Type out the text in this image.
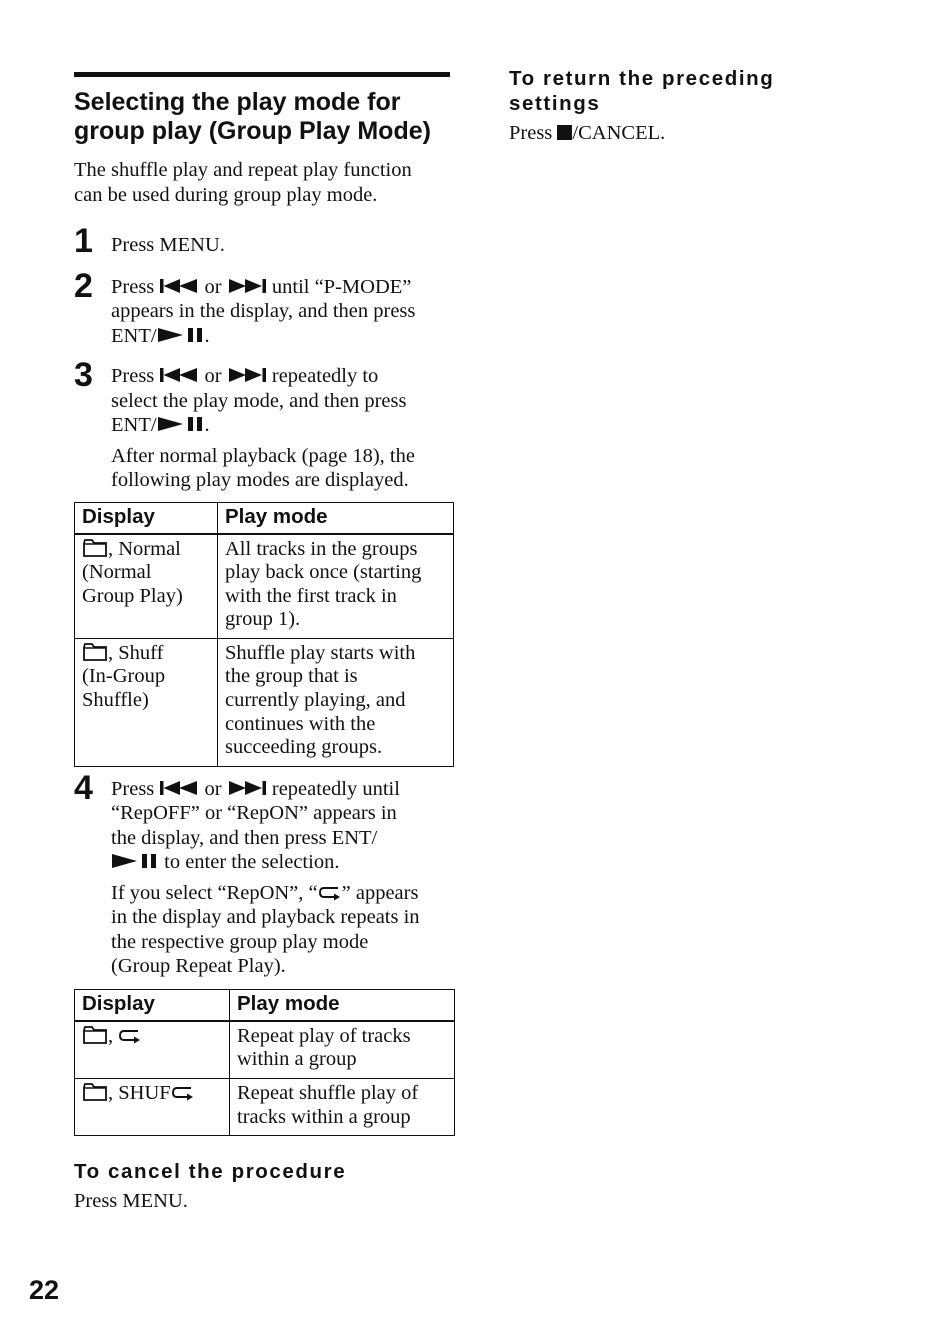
Selecting the play mode for
group play (Group Play Mode)

The shuffle play and repeat play function
can be used during group play mode.

1 Press MENU.

2 Press or until “P-MODE”
appears in the display, and then press
ENT/ .

3 Press or repeatedly to
select the play mode, and then press
ENT/ .

After normal playback (page 18), the
following play modes are displayed.

Display	Play mode
, Normal
(Normal
Group Play)	All tracks in the groups
play back once (starting
with the first track in
group 1).
, Shuff
(In-Group
Shuffle)	Shuffle play starts with
the group that is
currently playing, and
continues with the
succeeding groups.
4 Press or repeatedly until
“RepOFF” or “RepON” appears in
the display, and then press ENT/
to enter the selection.

If you select “RepON”, “ ” appears
in the display and playback repeats in
the respective group play mode
(Group Repeat Play).

Display	Play mode
,	Repeat play of tracks
within a group
, SHUF	Repeat shuffle play of
tracks within a group

To cancel the procedure

Press MENU.

To return the preceding
settings

Press /CANCEL.

22
